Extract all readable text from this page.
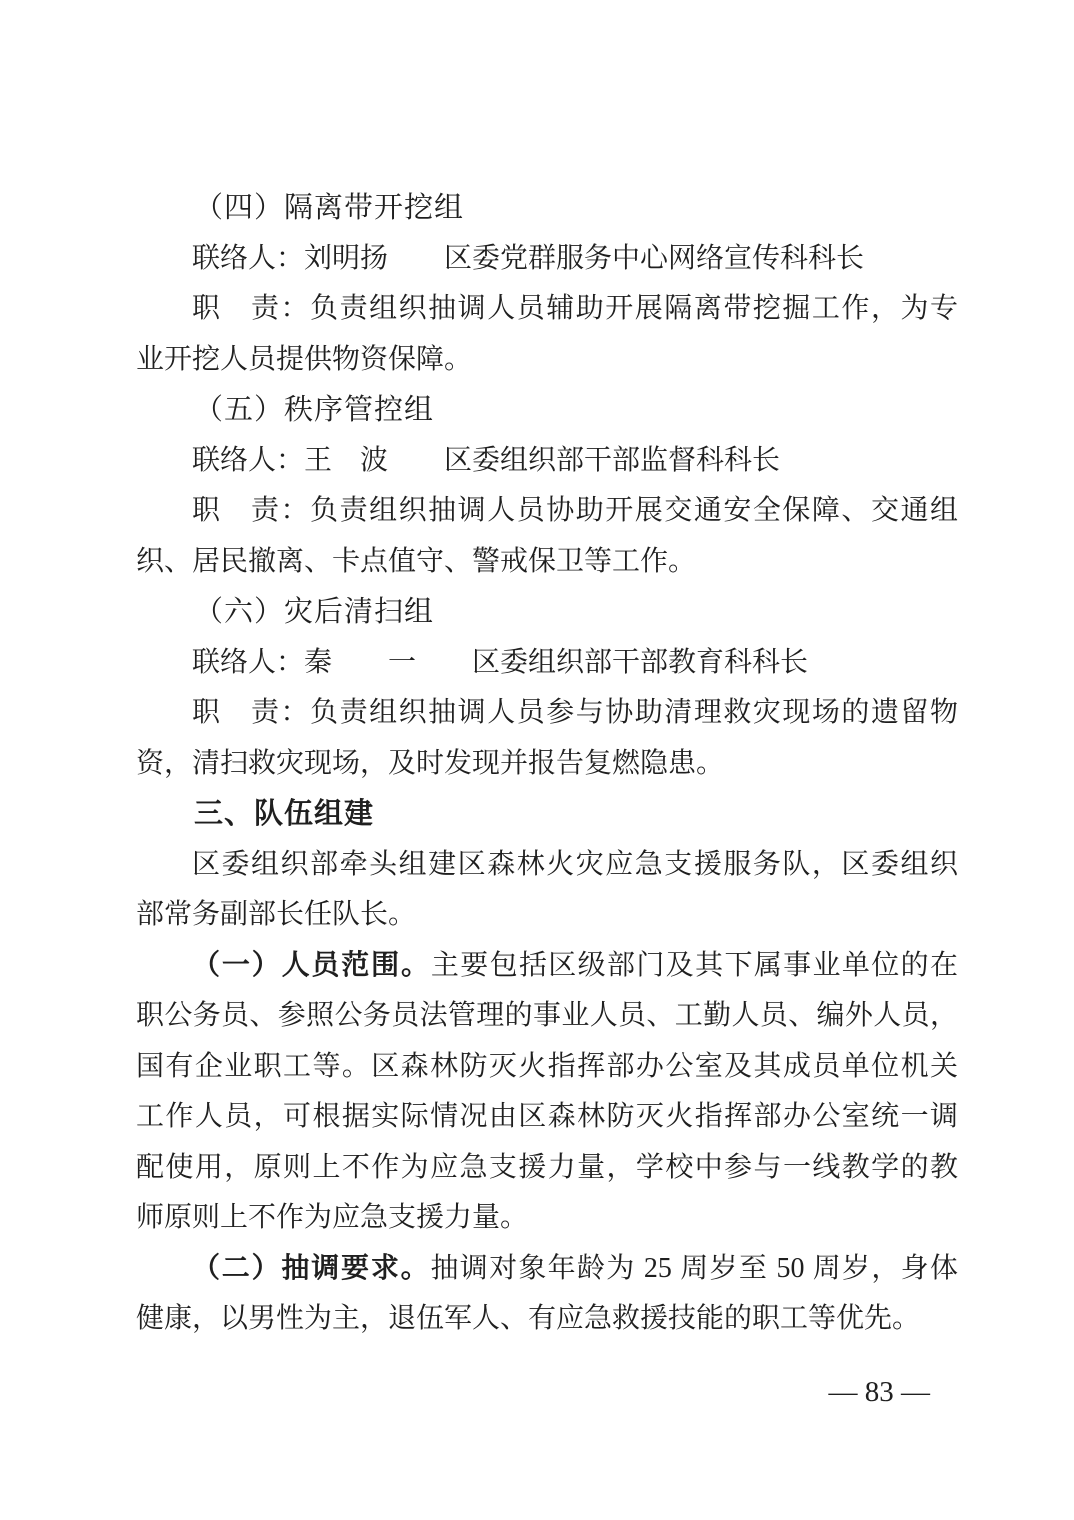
（四）隔离带开挖组
联络人：刘明扬　　区委党群服务中心网络宣传科科长
职　责：负责组织抽调人员辅助开展隔离带挖掘工作，为专
业开挖人员提供物资保障。
（五）秩序管控组
联络人：王　波　　区委组织部干部监督科科长
职　责：负责组织抽调人员协助开展交通安全保障、交通组
织、居民撤离、卡点值守、警戒保卫等工作。
（六）灾后清扫组
联络人：秦　　一　　区委组织部干部教育科科长
职　责：负责组织抽调人员参与协助清理救灾现场的遗留物
资，清扫救灾现场，及时发现并报告复燃隐患。
三、队伍组建
区委组织部牵头组建区森林火灾应急支援服务队，区委组织
部常务副部长任队长。
（一）人员范围。主要包括区级部门及其下属事业单位的在
职公务员、参照公务员法管理的事业人员、工勤人员、编外人员，
国有企业职工等。区森林防灭火指挥部办公室及其成员单位机关
工作人员，可根据实际情况由区森林防灭火指挥部办公室统一调
配使用，原则上不作为应急支援力量，学校中参与一线教学的教
师原则上不作为应急支援力量。
（二）抽调要求。抽调对象年龄为 25 周岁至 50 周岁，身体
健康，以男性为主，退伍军人、有应急救援技能的职工等优先。
— 83 —
